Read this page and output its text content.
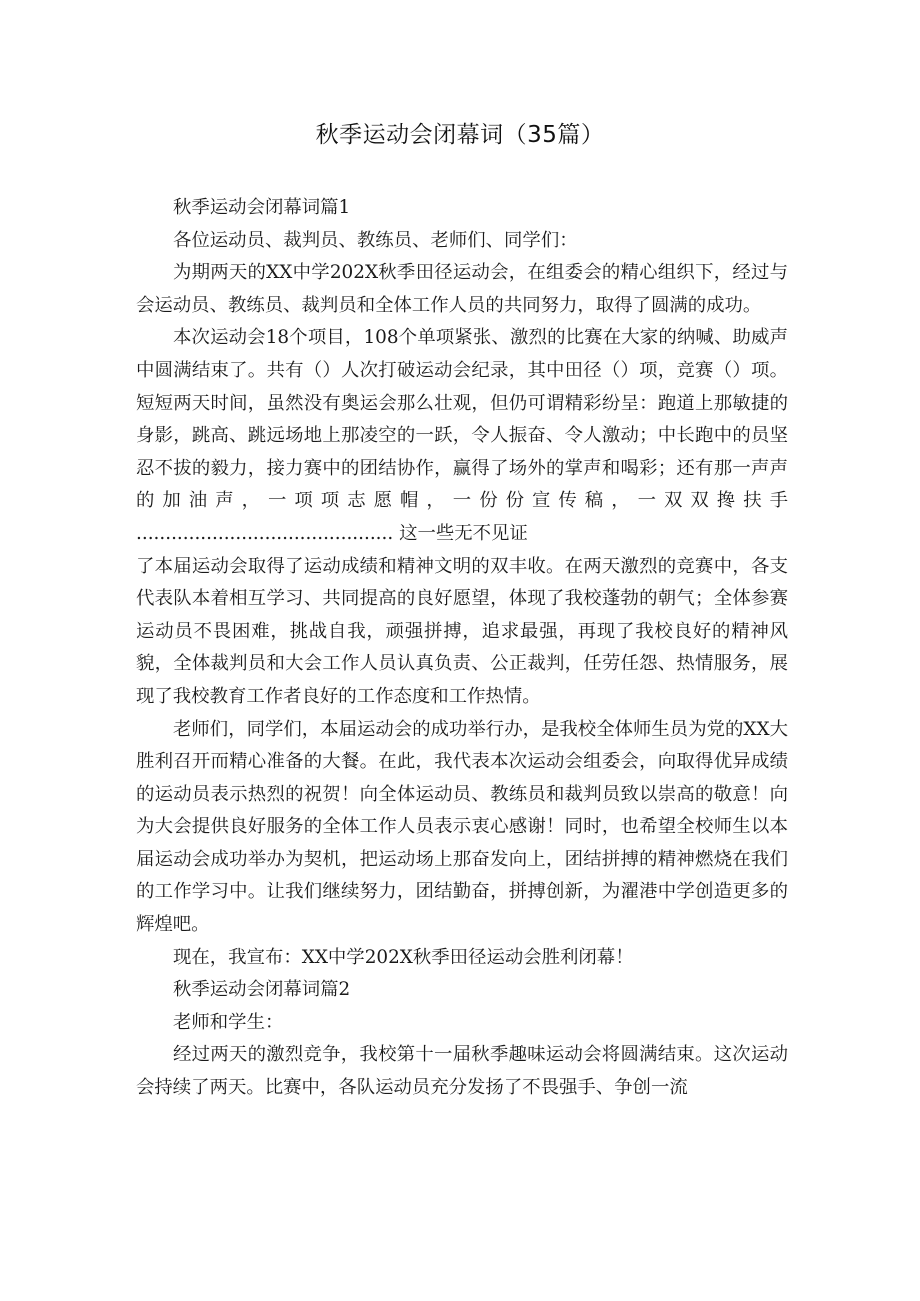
秋季运动会闭幕词（35篇）

秋季运动会闭幕词篇1

各位运动员、裁判员、教练员、老师们、同学们：

为期两天的XX中学202X秋季田径运动会，在组委会的精心组织下，经过与会运动员、教练员、裁判员和全体工作人员的共同努力，取得了圆满的成功。

本次运动会18个项目，108个单项紧张、激烈的比赛在大家的纳喊、助威声中圆满结束了。共有（）人次打破运动会纪录，其中田径（）项，竞赛（）项。短短两天时间，虽然没有奥运会那么壮观，但仍可谓精彩纷呈：跑道上那敏捷的身影，跳高、跳远场地上那凌空的一跃，令人振奋、令人激动；中长跑中的员坚忍不拔的毅力，接力赛中的团结协作，赢得了场外的掌声和喝彩；还有那一声声的加油声，一项项志愿帽，一份份宣传稿，一双双搀扶手 ............................................ 这一些无不见证

了本届运动会取得了运动成绩和精神文明的双丰收。在两天激烈的竞赛中，各支代表队本着相互学习、共同提高的良好愿望，体现了我校蓬勃的朝气；全体参赛运动员不畏困难，挑战自我，顽强拼搏，追求最强，再现了我校良好的精神风貌，全体裁判员和大会工作人员认真负责、公正裁判，任劳任怨、热情服务，展现了我校教育工作者良好的工作态度和工作热情。

老师们，同学们，本届运动会的成功举行办，是我校全体师生员为党的XX大胜利召开而精心准备的大餐。在此，我代表本次运动会组委会，向取得优异成绩的运动员表示热烈的祝贺！向全体运动员、教练员和裁判员致以崇高的敬意！向为大会提供良好服务的全体工作人员表示衷心感谢！同时，也希望全校师生以本届运动会成功举办为契机，把运动场上那奋发向上，团结拼搏的精神燃烧在我们的工作学习中。让我们继续努力，团结勤奋，拼搏创新，为濯港中学创造更多的辉煌吧。

现在，我宣布：XX中学202X秋季田径运动会胜利闭幕！

秋季运动会闭幕词篇2

老师和学生：

经过两天的激烈竞争，我校第十一届秋季趣味运动会将圆满结束。这次运动会持续了两天。比赛中，各队运动员充分发扬了不畏强手、争创一流
